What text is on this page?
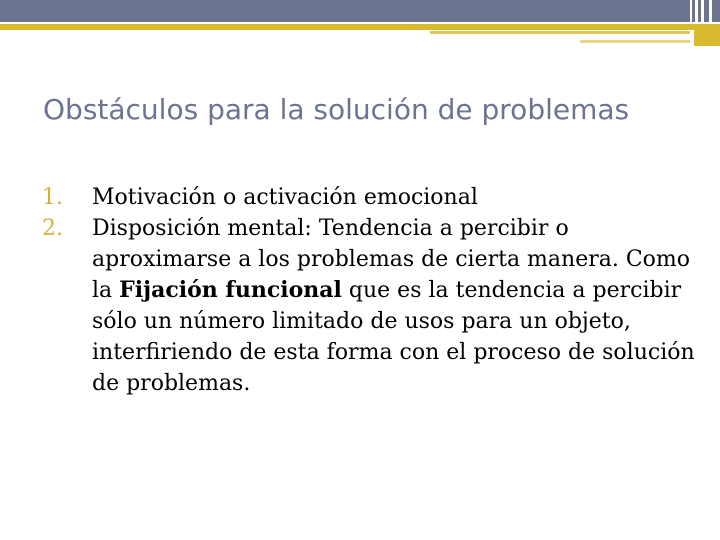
Obstáculos para la solución de problemas
1. Motivación o activación emocional
2. Disposición mental: Tendencia a percibir o aproximarse a los problemas de cierta manera. Como la Fijación funcional que es la tendencia a percibir sólo un número limitado de usos para un objeto, interfiriendo de esta forma con el proceso de solución de problemas.
